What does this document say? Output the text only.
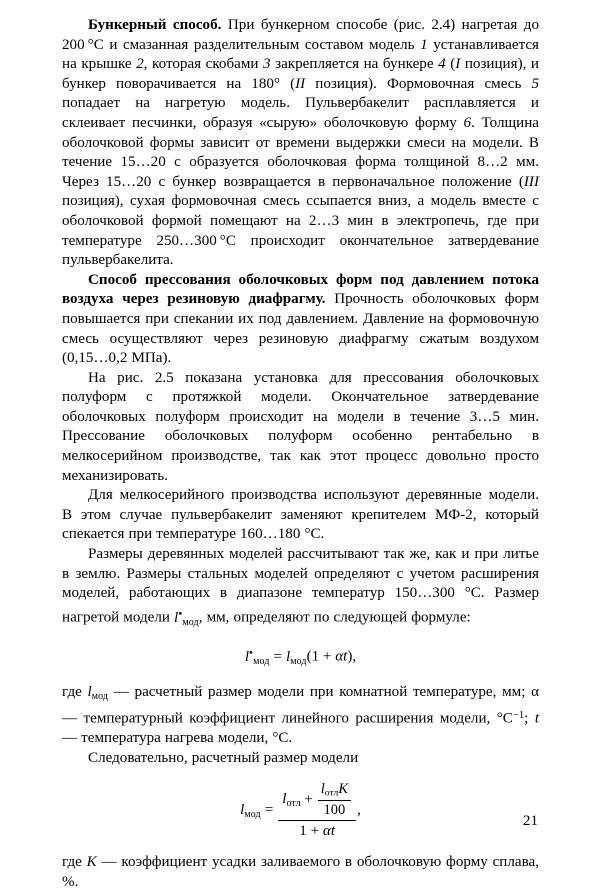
Бункерный способ. При бункерном способе (рис. 2.4) нагретая до 200 °С и смазанная разделительным составом модель 1 устанавливается на крышке 2, которая скобами 3 закрепляется на бункере 4 (I позиция), и бункер поворачивается на 180° (II позиция). Формовочная смесь 5 попадает на нагретую модель. Пульвербакелит расплавляется и склеивает песчинки, образуя «сырую» оболочковую форму 6. Толщина оболочковой формы зависит от времени выдержки смеси на модели. В течение 15…20 с образуется оболочковая форма толщиной 8…2 мм. Через 15…20 с бункер возвращается в первоначальное положение (III позиция), сухая формовочная смесь ссыпается вниз, а модель вместе с оболочковой формой помещают на 2…3 мин в электропечь, где при температуре 250…300 °С происходит окончательное затвердевание пульвербакелита.

Способ прессования оболочковых форм под давлением потока воздуха через резиновую диафрагму. Прочность оболочковых форм повышается при спекании их под давлением. Давление на формовочную смесь осуществляют через резиновую диафрагму сжатым воздухом (0,15…0,2 МПа).

На рис. 2.5 показана установка для прессования оболочковых полуформ с протяжкой модели. Окончательное затвердевание оболочковых полуформ происходит на модели в течение 3…5 мин. Прессование оболочковых полуформ особенно рентабельно в мелкосерийном производстве, так как этот процесс довольно просто механизировать.

Для мелкосерийного производства используют деревянные модели. В этом случае пульвербакелит заменяют крепителем МФ-2, который спекается при температуре 160…180 °С.

Размеры деревянных моделей рассчитывают так же, как и при литье в землю. Размеры стальных моделей определяют с учетом расширения моделей, работающих в диапазоне температур 150…300 °С. Размер нагретой модели $l^•_{мод}$, мм, определяют по следующей формуле:

$l^•_{мод} = l_{мод}(1 + \alpha t)$,

где $l_{мод}$ — расчетный размер модели при комнатной температуре, мм; α — температурный коэффициент линейного расширения модели, $^\circ С^{-1}$; t — температура нагрева модели, °С.

Следовательно, расчетный размер модели

$l_{мод} = \frac{l_{отл} + \frac{l_{отл}K}{100}}{1 + \alpha t}$ ,

где K — коэффициент усадки заливаемого в оболочковую форму сплава, %.

21
